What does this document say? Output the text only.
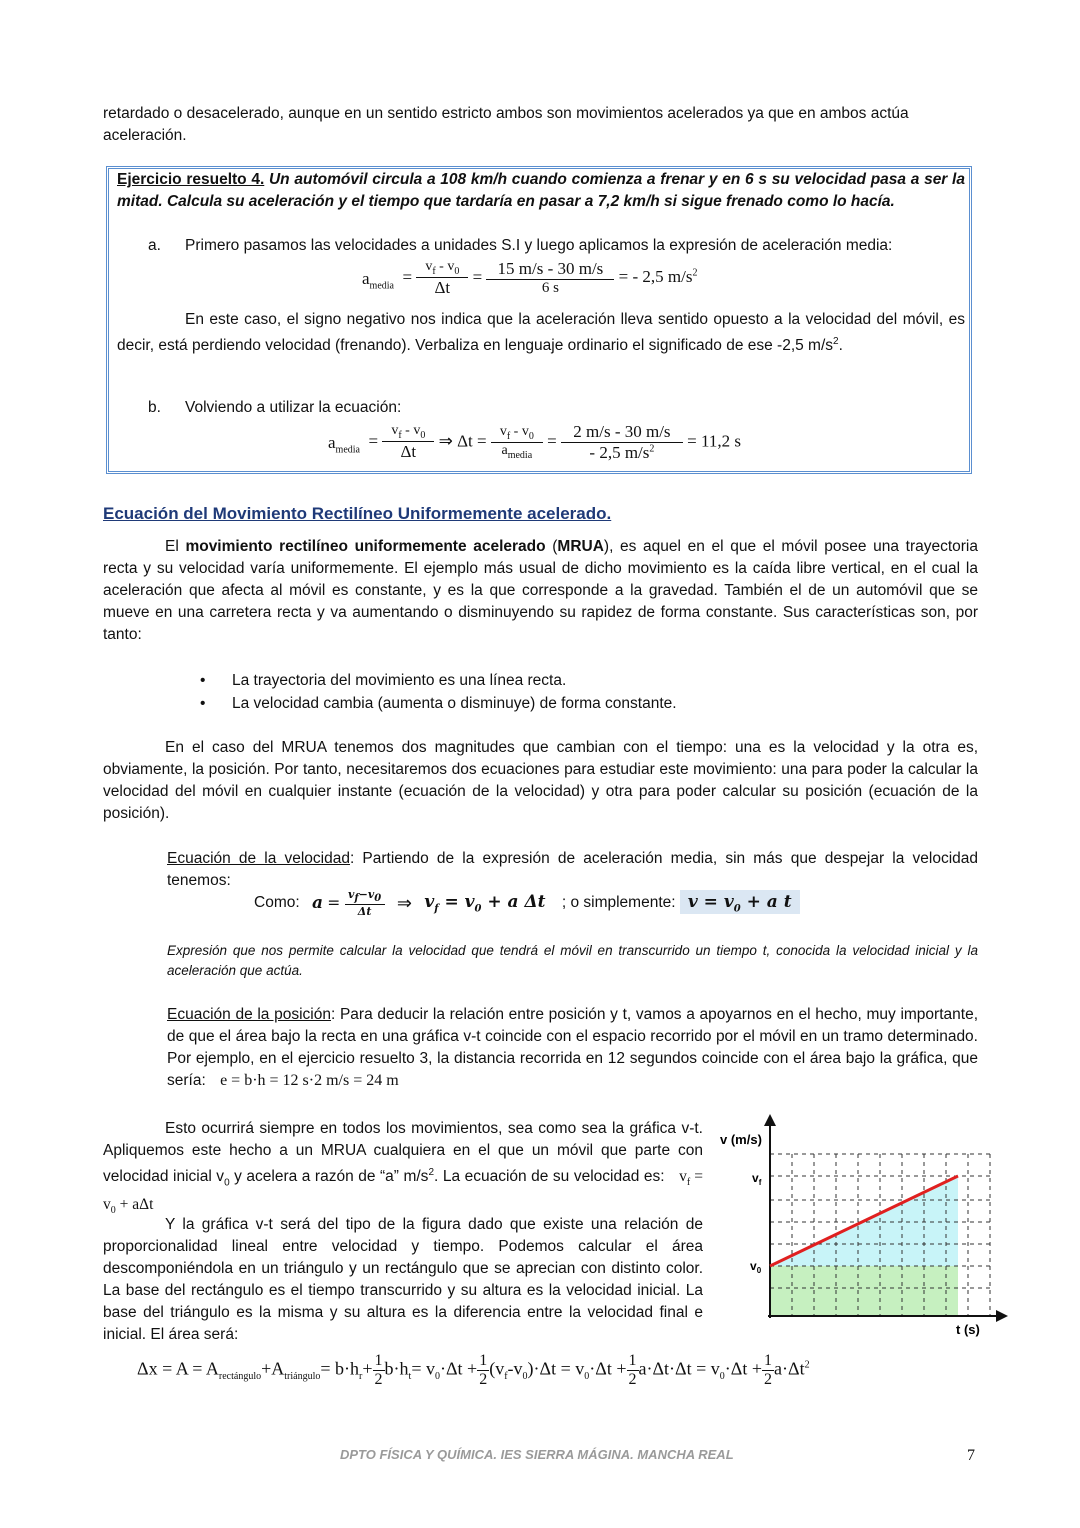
retardado o desacelerado, aunque en un sentido estricto ambos son movimientos acelerados ya que en ambos actúa
aceleración.
Ejercicio resuelto 4. Un automóvil circula a 108 km/h cuando comienza a frenar y en 6 s su velocidad pasa a ser la mitad. Calcula su aceleración y el tiempo que tardaría en pasar a 7,2 km/h si sigue frenado como lo hacía.
a. Primero pasamos las velocidades a unidades S.I y luego aplicamos la expresión de aceleración media:
$a_{media} = \frac{v_f - v_0}{\Delta t} = \frac{15 m/s - 30 m/s}{6 s}$ = - 2,5 $m/s^2$
En este caso, el signo negativo nos indica que la aceleración lleva sentido opuesto a la velocidad del móvil, es decir, está perdiendo velocidad (frenando). Verbaliza en lenguaje ordinario el significado de ese -2,5 $m/s^2$.
b. Volviendo a utilizar la ecuación:
$a_{media} = \frac{v_f - v_0}{\Delta t}$ ⇒ $\Delta t = \frac{v_f - v_0}{a_{media}} = \frac{2 m/s - 30 m/s}{- 2,5 m/s^2} = 11,2$ s
Ecuación del Movimiento Rectilíneo Uniformemente acelerado.
El movimiento rectilíneo uniformemente acelerado (MRUA), es aquel en el que el móvil posee una trayectoria recta y su velocidad varía uniformemente. El ejemplo más usual de dicho movimiento es la caída libre vertical, en el cual la aceleración que afecta al móvil es constante, y es la que corresponde a la gravedad. También el de un automóvil que se mueve en una carretera recta y va aumentando o disminuyendo su rapidez de forma constante. Sus características son, por tanto:
• La trayectoria del movimiento es una línea recta.
• La velocidad cambia (aumenta o disminuye) de forma constante.
En el caso del MRUA tenemos dos magnitudes que cambian con el tiempo: una es la velocidad y la otra es, obviamente, la posición. Por tanto, necesitaremos dos ecuaciones para estudiar este movimiento: una para poder la calcular la velocidad del móvil en cualquier instante (ecuación de la velocidad) y otra para poder calcular su posición (ecuación de la posición).
Ecuación de la velocidad: Partiendo de la expresión de aceleración media, sin más que despejar la velocidad tenemos:
Como: $a = \frac{v_f-v_0}{\Delta t}$ ⇒ $v_f = v_0 + a$ Δt ; o simplemente: $v = v_0 + a$ t
Expresión que nos permite calcular la velocidad que tendrá el móvil en transcurrido un tiempo t, conocida la velocidad inicial y la aceleración que actúa.
Ecuación de la posición: Para deducir la relación entre posición y t, vamos a apoyarnos en el hecho, muy importante, de que el área bajo la recta en una gráfica v-t coincide con el espacio recorrido por el móvil en un tramo determinado. Por ejemplo, en el ejercicio resuelto 3, la distancia recorrida en 12 segundos coincide con el área bajo la gráfica, que sería: e = b·h = 12 s·2 m/s = 24 m
Esto ocurrirá siempre en todos los movimientos, sea como sea la gráfica v-t. Apliquemos este hecho a un MRUA cualquiera en el que un móvil que parte con velocidad inicial $v_0$ y acelera a razón de “a” $m/s^2$. La ecuación de su velocidad es: $v_f = v_0 + a\Delta t$
Y la gráfica v-t será del tipo de la figura dado que existe una relación de proporcionalidad lineal entre velocidad y tiempo. Podemos calcular el área descomponiéndola en un triángulo y un rectángulo que se aprecian con distinto color. La base del rectángulo es el tiempo transcurrido y su altura es la velocidad inicial. La base del triángulo es la misma y su altura es la diferencia entre la velocidad final e inicial. El área será:
v (m/s)
t (s)
$v_f$
$v_0$
$\Delta x = A = A_{rectángulo}+A_{triángulo}= b\cdot h_r+ \frac{1}{2} b\cdot h_t= v_0\cdot\Delta t + \frac{1}{2} (v_f-v_0)\cdot\Delta t = v_0\cdot\Delta t + \frac{1}{2} a\cdot\Delta t\cdot\Delta t = v_0\cdot\Delta t + \frac{1}{2} a\cdot\Delta t^2$
DPTO FÍSICA Y QUÍMICA. IES SIERRA MÁGINA. MANCHA REAL	7
